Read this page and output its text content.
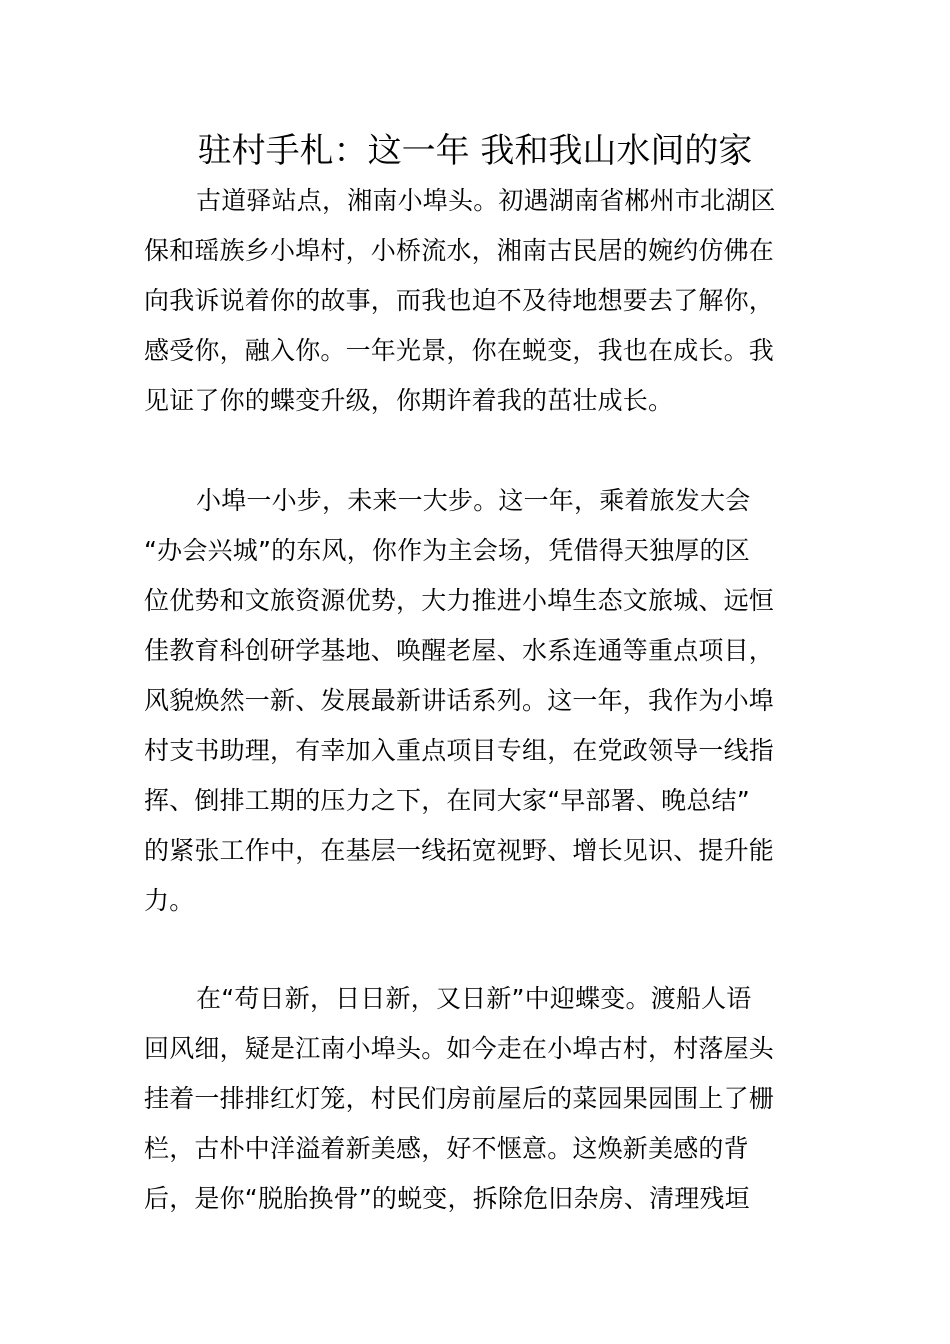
驻村手札：这一年 我和我山水间的家
古道驿站点，湘南小埠头。初遇湖南省郴州市北湖区
保和瑶族乡小埠村，小桥流水，湘南古民居的婉约仿佛在
向我诉说着你的故事，而我也迫不及待地想要去了解你，
感受你，融入你。一年光景，你在蜕变，我也在成长。我
见证了你的蝶变升级，你期许着我的茁壮成长。
小埠一小步，未来一大步。这一年，乘着旅发大会
“办会兴城”的东风，你作为主会场，凭借得天独厚的区
位优势和文旅资源优势，大力推进小埠生态文旅城、远恒
佳教育科创研学基地、唤醒老屋、水系连通等重点项目，
风貌焕然一新、发展最新讲话系列。这一年，我作为小埠
村支书助理，有幸加入重点项目专组，在党政领导一线指
挥、倒排工期的压力之下，在同大家“早部署、晚总结”
的紧张工作中，在基层一线拓宽视野、增长见识、提升能
力。
在“苟日新，日日新，又日新”中迎蝶变。渡船人语
回风细，疑是江南小埠头。如今走在小埠古村，村落屋头
挂着一排排红灯笼，村民们房前屋后的菜园果园围上了栅
栏，古朴中洋溢着新美感，好不惬意。这焕新美感的背
后，是你“脱胎换骨”的蜕变，拆除危旧杂房、清理残垣
